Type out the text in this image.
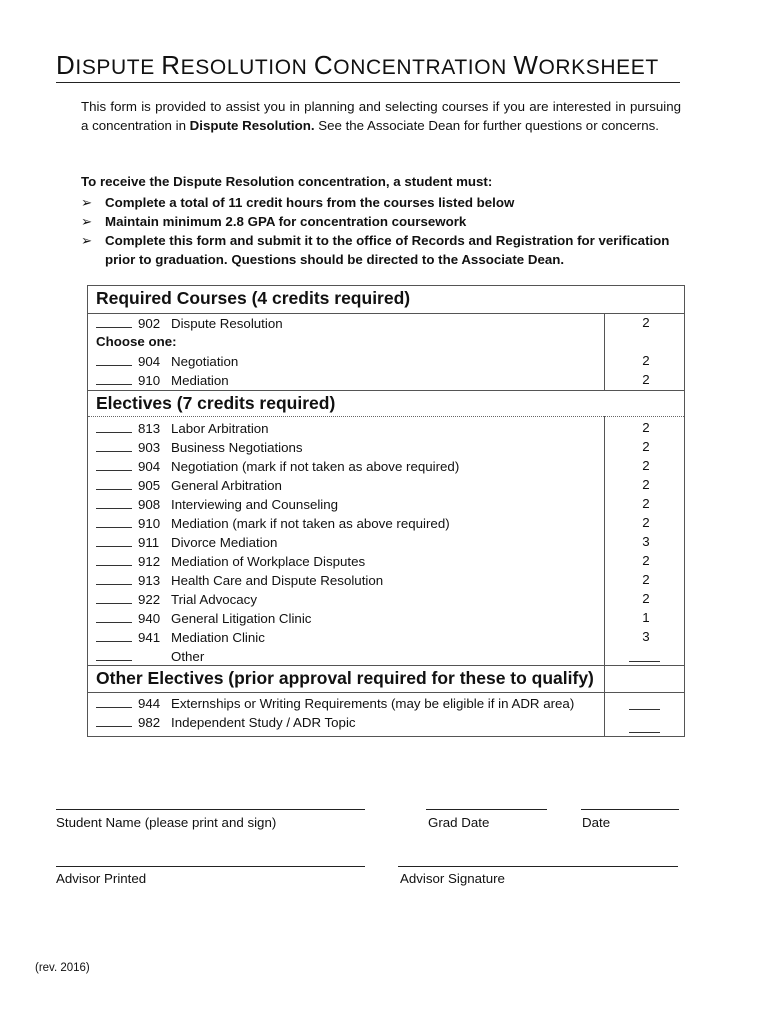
DISPUTE RESOLUTION CONCENTRATION WORKSHEET
This form is provided to assist you in planning and selecting courses if you are interested in pursuing a concentration in Dispute Resolution. See the Associate Dean for further questions or concerns.
To receive the Dispute Resolution concentration, a student must:
➢ Complete a total of 11 credit hours from the courses listed below
➢ Maintain minimum 2.8 GPA for concentration coursework
➢ Complete this form and submit it to the office of Records and Registration for verification prior to graduation. Questions should be directed to the Associate Dean.
Required Courses (4 credits required)
902 Dispute Resolution	2
Choose one:
904 Negotiation	2
910 Mediation	2
Electives (7 credits required)
813 Labor Arbitration	2
903 Business Negotiations	2
904 Negotiation (mark if not taken as above required)	2
905 General Arbitration	2
908 Interviewing and Counseling	2
910 Mediation (mark if not taken as above required)	2
911 Divorce Mediation	3
912 Mediation of Workplace Disputes	2
913 Health Care and Dispute Resolution	2
922 Trial Advocacy	2
940 General Litigation Clinic	1
941 Mediation Clinic	3
Other
Other Electives (prior approval required for these to qualify)
944 Externships or Writing Requirements (may be eligible if in ADR area)
982 Independent Study / ADR Topic
Student Name (please print and sign)	Grad Date	Date
Advisor Printed	Advisor Signature
(rev. 2016)
